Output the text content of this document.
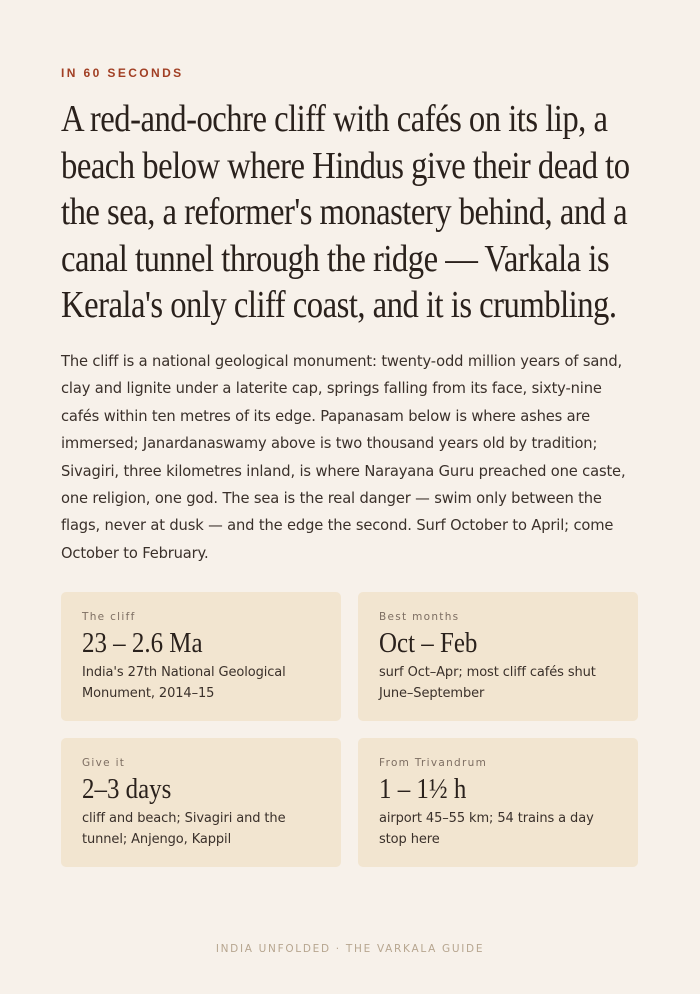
IN 60 SECONDS
A red-and-ochre cliff with cafés on its lip, a beach below where Hindus give their dead to the sea, a reformer's monastery behind, and a canal tunnel through the ridge — Varkala is Kerala's only cliff coast, and it is crumbling.

The cliff is a national geological monument: twenty-odd million years of sand, clay and lignite under a laterite cap, springs falling from its face, sixty-nine cafés within ten metres of its edge. Papanasam below is where ashes are immersed; Janardanaswamy above is two thousand years old by tradition; Sivagiri, three kilometres inland, is where Narayana Guru preached one caste, one religion, one god. The sea is the real danger — swim only between the flags, never at dusk — and the edge the second. Surf October to April; come October to February.

The cliff
23 – 2.6 Ma
India's 27th National Geological Monument, 2014–15
Best months
Oct – Feb
surf Oct–Apr; most cliff cafés shut June–September
Give it
2–3 days
cliff and beach; Sivagiri and the tunnel; Anjengo, Kappil
From Trivandrum
1 – 1½ h
airport 45–55 km; 54 trains a day stop here
INDIA UNFOLDED · THE VARKALA GUIDE
